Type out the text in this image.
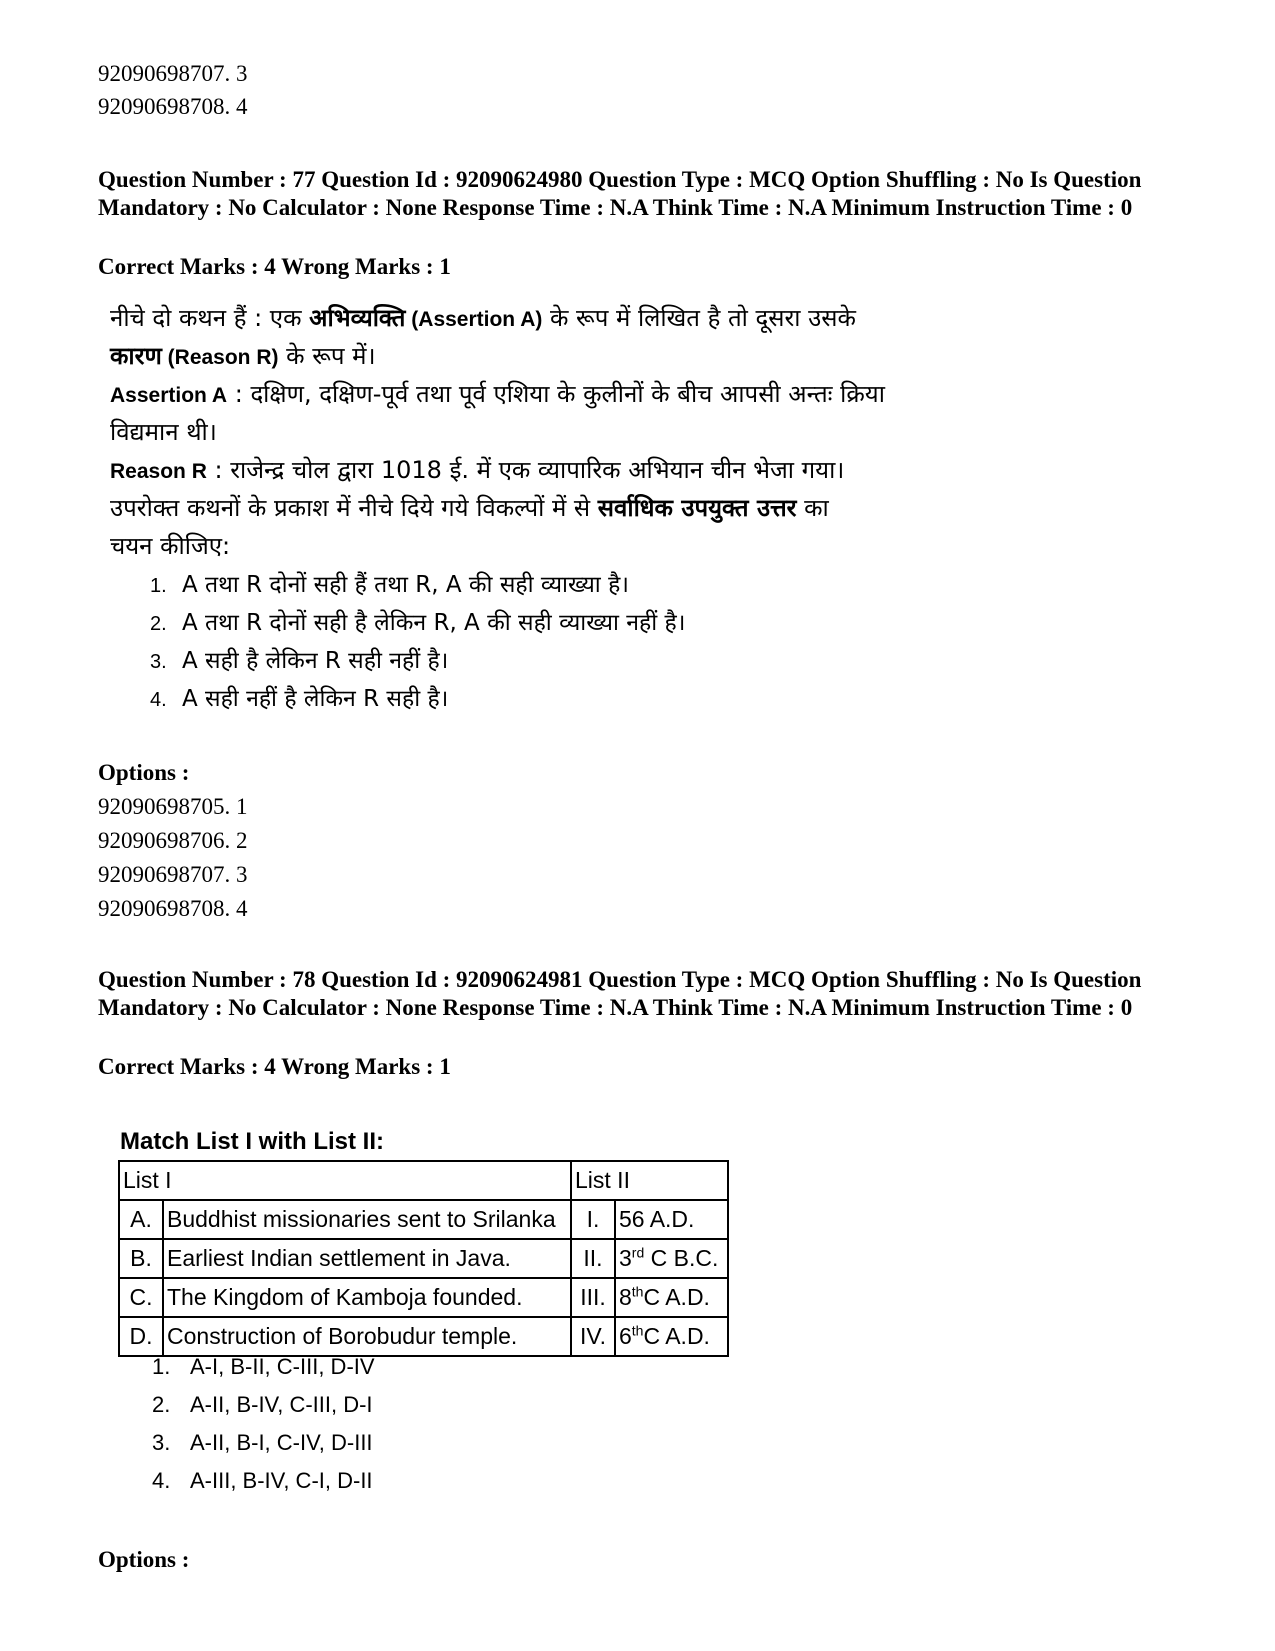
92090698707. 3
92090698708. 4
Question Number : 77 Question Id : 92090624980 Question Type : MCQ Option Shuffling : No Is Question Mandatory : No Calculator : None Response Time : N.A Think Time : N.A Minimum Instruction Time : 0
Correct Marks : 4 Wrong Marks : 1
नीचे दो कथन हैं : एक अभिव्यक्ति (Assertion A) के रूप में लिखित है तो दूसरा उसके
कारण (Reason R) के रूप में।
Assertion A : दक्षिण, दक्षिण-पूर्व तथा पूर्व एशिया के कुलीनों के बीच आपसी अन्तः क्रिया
विद्यमान थी।
Reason R : राजेन्द्र चोल द्वारा 1018 ई. में एक व्यापारिक अभियान चीन भेजा गया।
उपरोक्त कथनों के प्रकाश में नीचे दिये गये विकल्पों में से सर्वाधिक उपयुक्त उत्तर का
चयन कीजिए:
1. A तथा R दोनों सही हैं तथा R, A की सही व्याख्या है।
2. A तथा R दोनों सही है लेकिन R, A की सही व्याख्या नहीं है।
3. A सही है लेकिन R सही नहीं है।
4. A सही नहीं है लेकिन R सही है।
Options :
92090698705. 1
92090698706. 2
92090698707. 3
92090698708. 4
Question Number : 78 Question Id : 92090624981 Question Type : MCQ Option Shuffling : No Is Question Mandatory : No Calculator : None Response Time : N.A Think Time : N.A Minimum Instruction Time : 0
Correct Marks : 4 Wrong Marks : 1
Match List I with List II:
List I		List II	
A.	Buddhist missionaries sent to Srilanka	I.	56 A.D.
B.	Earliest Indian settlement in Java.	II.	3rd C B.C.
C.	The Kingdom of Kamboja founded.	III.	8thC A.D.
D.	Construction of Borobudur temple.	IV.	6thC A.D.
1. A-I, B-II, C-III, D-IV
2. A-II, B-IV, C-III, D-I
3. A-II, B-I, C-IV, D-III
4. A-III, B-IV, C-I, D-II
Options :
